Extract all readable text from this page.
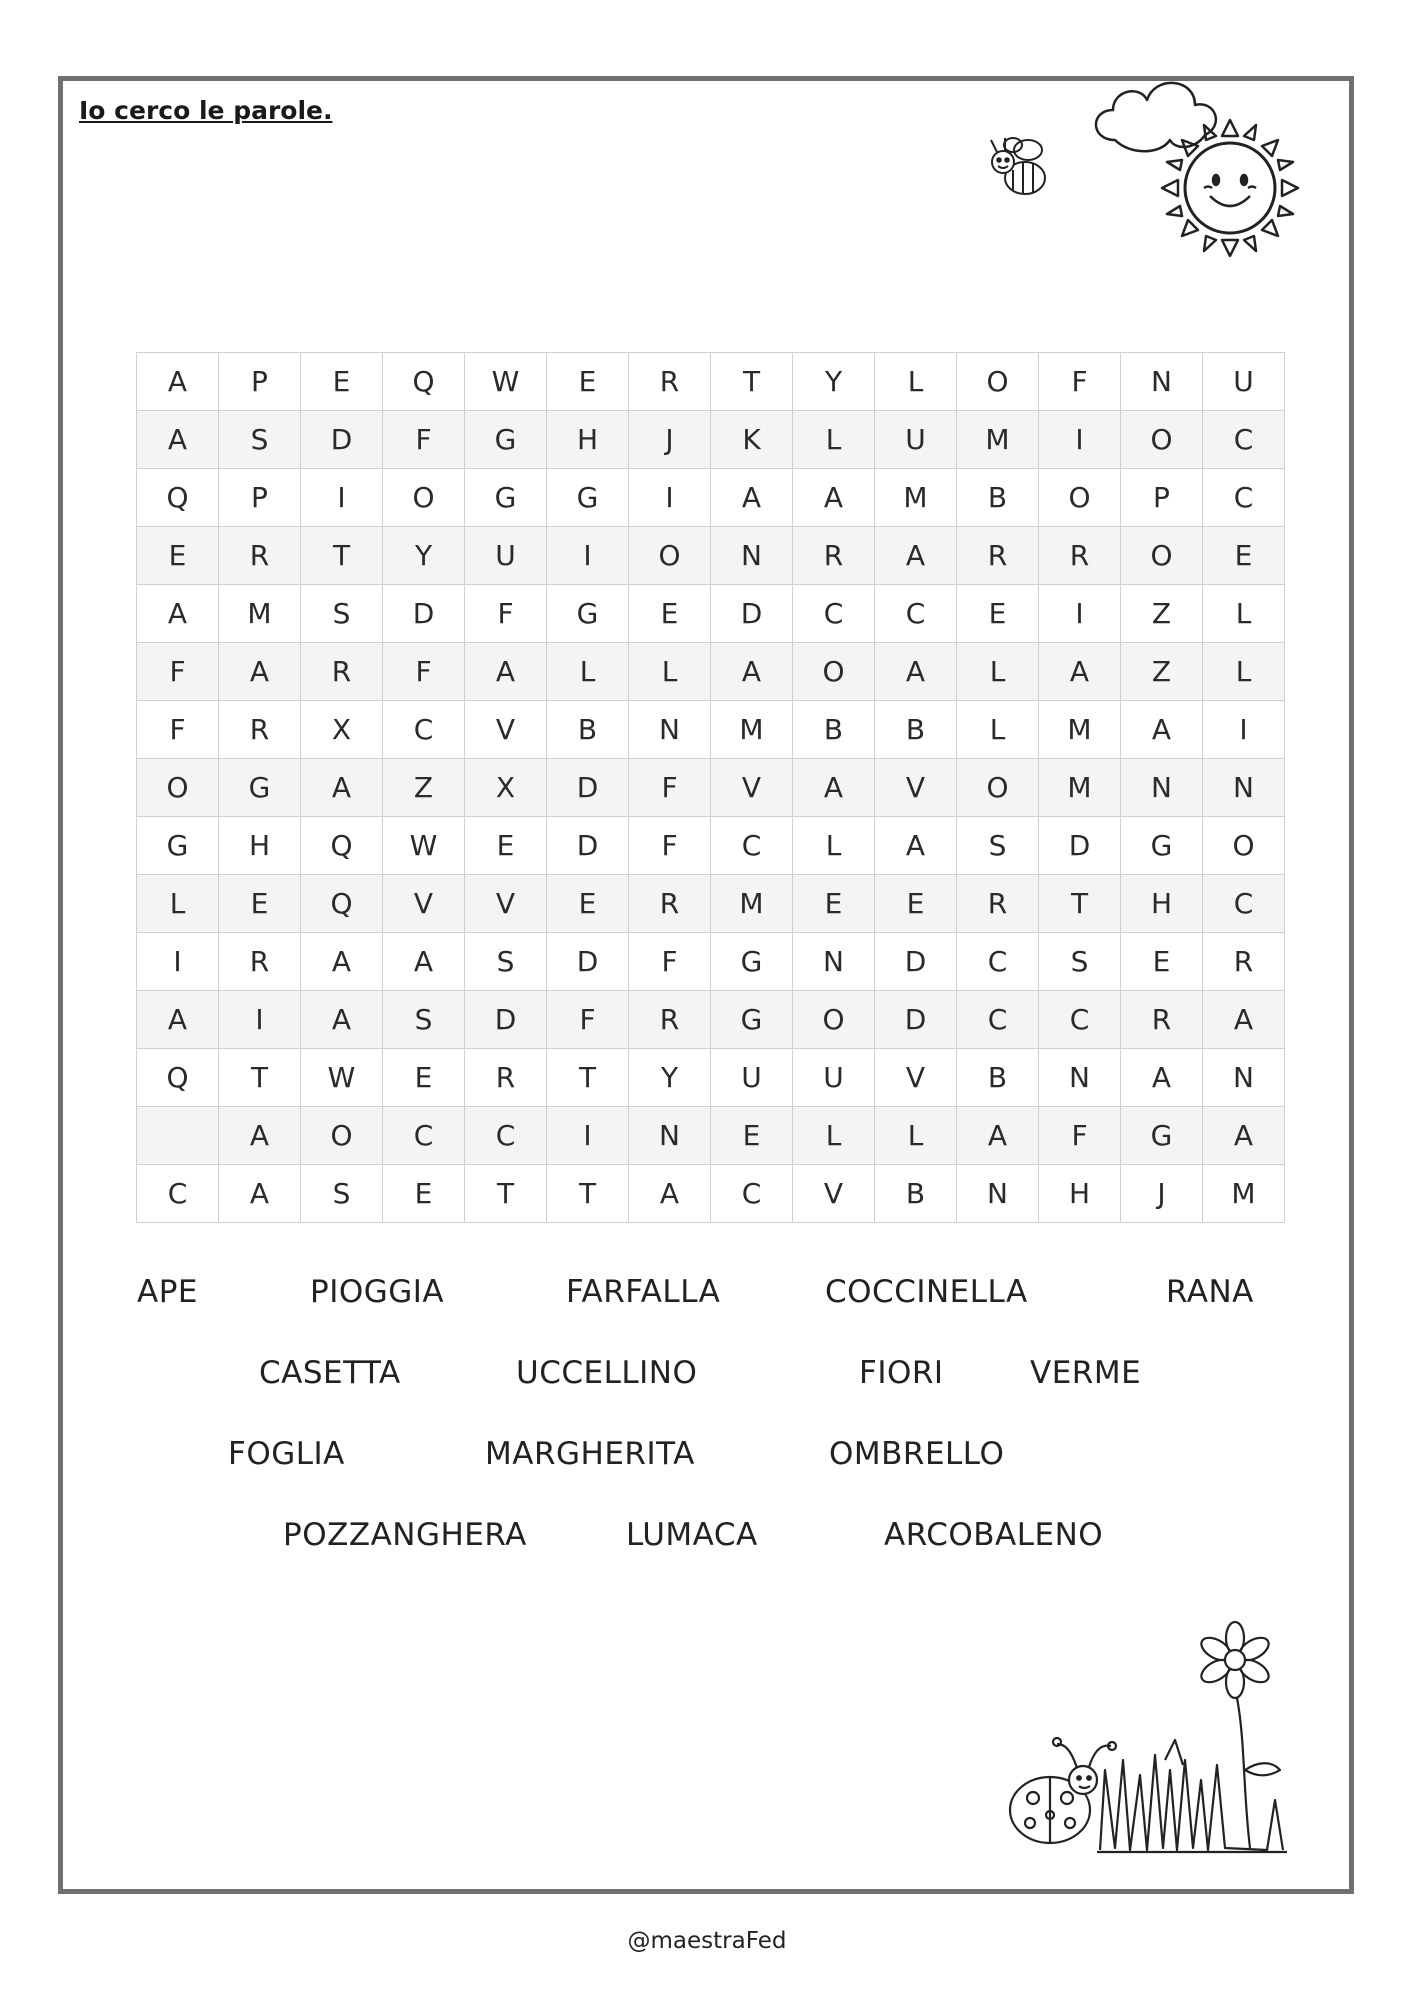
Io cerco le parole.
A	P	E	Q	W	E	R	T	Y	L	O	F	N	U
A	S	D	F	G	H	J	K	L	U	M	I	O	C
Q	P	I	O	G	G	I	A	A	M	B	O	P	C
E	R	T	Y	U	I	O	N	R	A	R	R	O	E
A	M	S	D	F	G	E	D	C	C	E	I	Z	L
F	A	R	F	A	L	L	A	O	A	L	A	Z	L
F	R	X	C	V	B	N	M	B	B	L	M	A	I
O	G	A	Z	X	D	F	V	A	V	O	M	N	N
G	H	Q	W	E	D	F	C	L	A	S	D	G	O
L	E	Q	V	V	E	R	M	E	E	R	T	H	C
I	R	A	A	S	D	F	G	N	D	C	S	E	R
A	I	A	S	D	F	R	G	O	D	C	C	R	A
Q	T	W	E	R	T	Y	U	U	V	B	N	A	N
	A	O	C	C	I	N	E	L	L	A	F	G	A
C	A	S	E	T	T	A	C	V	B	N	H	J	M
APE	PIOGGIA	FARFALLA	COCCINELLA	RANA
CASETTA	UCCELLINO	FIORI	VERME
FOGLIA	MARGHERITA	OMBRELLO
POZZANGHERA	LUMACA	ARCOBALENO
@maestraFed
